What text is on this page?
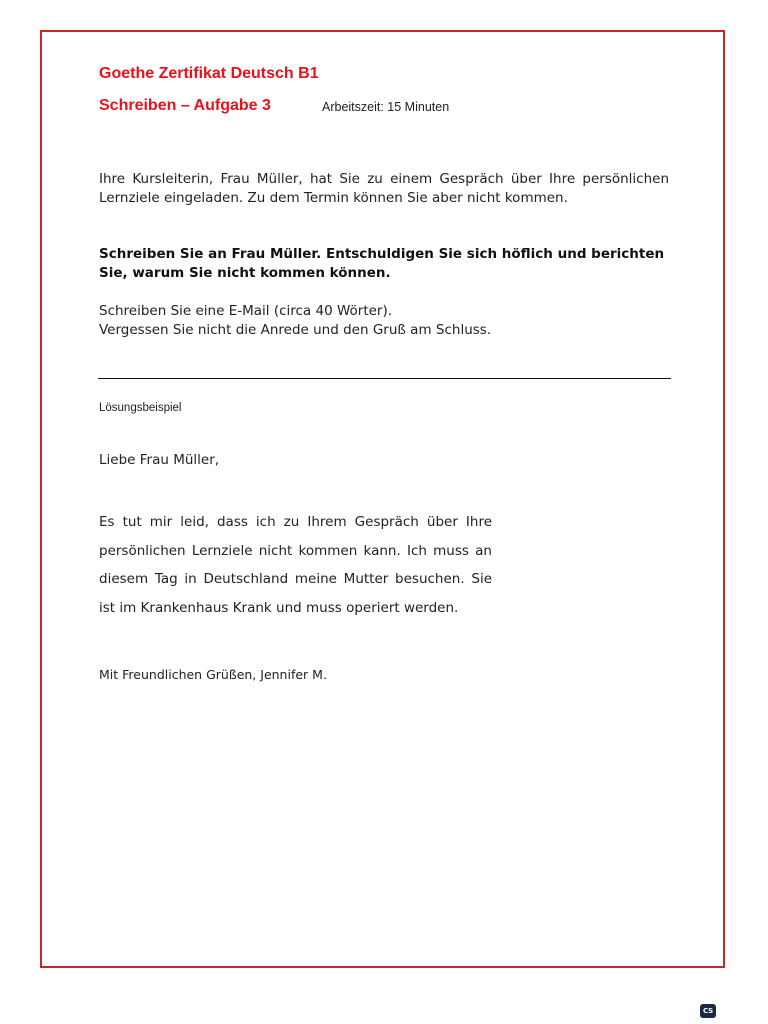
Goethe Zertifikat Deutsch B1
Schreiben – Aufgabe 3	Arbeitszeit: 15 Minuten
Ihre Kursleiterin, Frau Müller, hat Sie zu einem Gespräch über Ihre persönlichen Lernziele eingeladen. Zu dem Termin können Sie aber nicht kommen.
Schreiben Sie an Frau Müller. Entschuldigen Sie sich höflich und berichten Sie, warum Sie nicht kommen können.
Schreiben Sie eine E-Mail (circa 40 Wörter).
Vergessen Sie nicht die Anrede und den Gruß am Schluss.
Lösungsbeispiel
Liebe Frau Müller,
Es tut mir leid, dass ich zu Ihrem Gespräch über Ihre persönlichen Lernziele nicht kommen kann. Ich muss an diesem Tag in Deutschland meine Mutter besuchen. Sie ist im Krankenhaus Krank und muss operiert werden.
Mit Freundlichen Grüßen, Jennifer M.
CS
